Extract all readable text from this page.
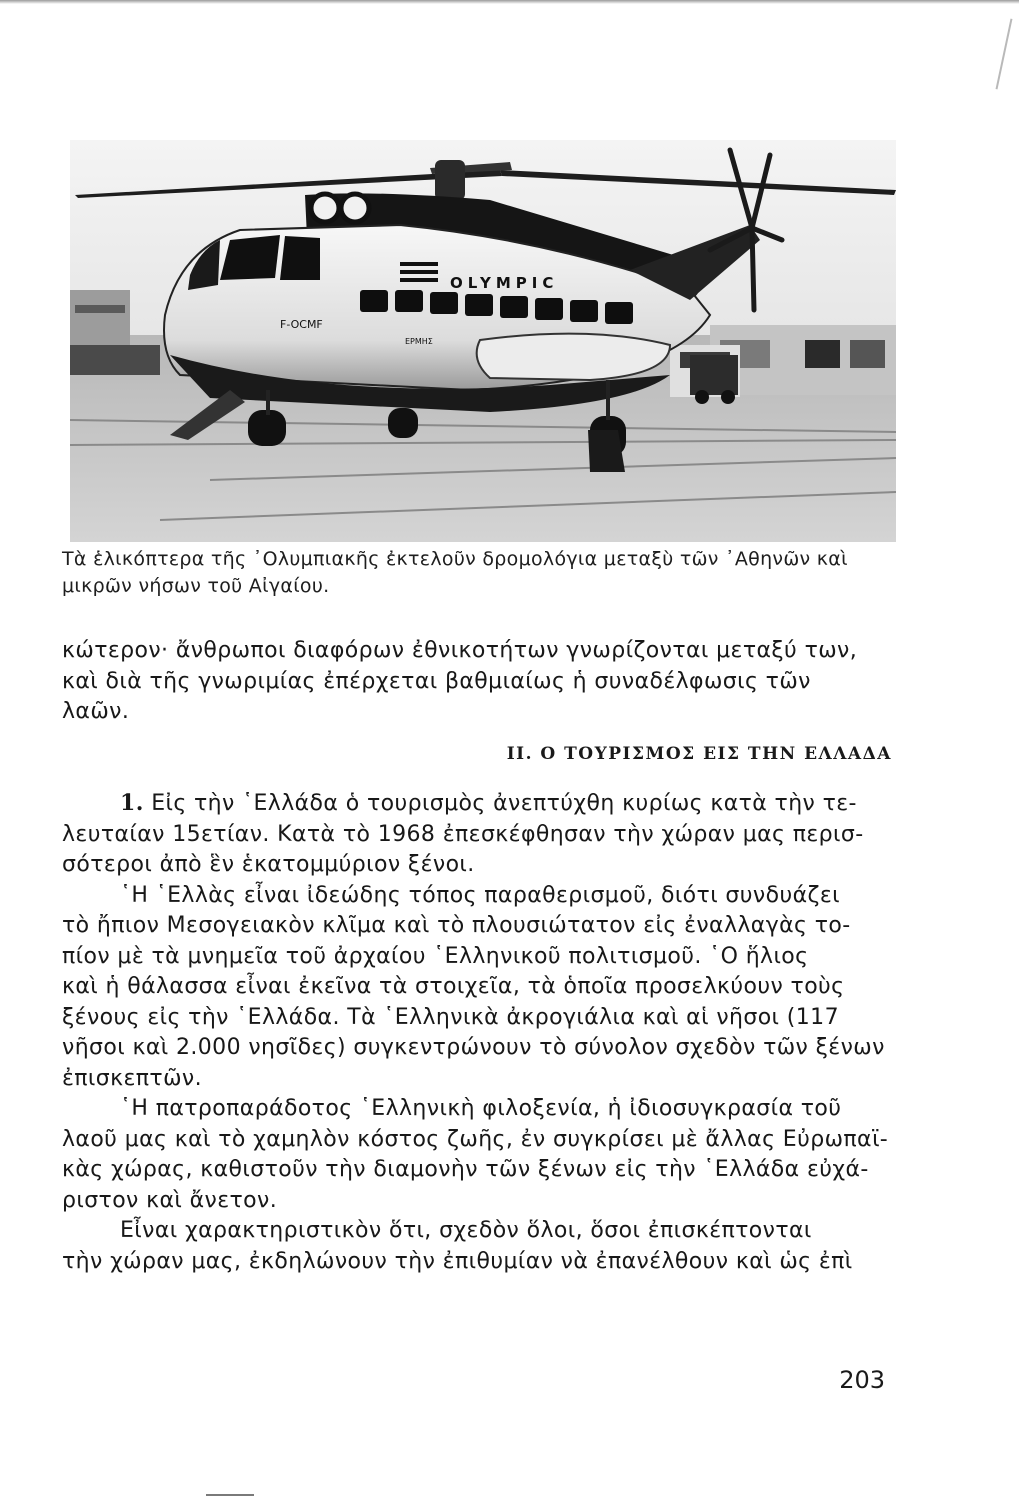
OLYMPIC
F-OCMF
ΕΡΜΗΣ
Τὰ ἑλικόπτερα τῆς ᾿Ολυμπιακῆς ἐκτελοῦν δρομολόγια μεταξὺ τῶν ᾿Αθηνῶν καὶ
μικρῶν νήσων τοῦ Αἰγαίου.
κώτερον· ἄνθρωποι διαφόρων ἐθνικοτήτων γνωρίζονται μεταξύ των,
καὶ διὰ τῆς γνωριμίας ἐπέρχεται βαθμιαίως ἡ συναδέλφωσις τῶν
λαῶν.
II. Ο ΤΟΥΡΙΣΜΟΣ ΕΙΣ ΤΗΝ ΕΛΛΑΔΑ

1. Εἰς τὴν ῾Ελλάδα ὁ τουρισμὸς ἀνεπτύχθη κυρίως κατὰ τὴν τε-
λευταίαν 15ετίαν. Κατὰ τὸ 1968 ἐπεσκέφθησαν τὴν χώραν μας περισ-
σότεροι ἀπὸ ἓν ἑκατομμύριον ξένοι.

῾Η ῾Ελλὰς εἶναι ἰδεώδης τόπος παραθερισμοῦ, διότι συνδυάζει
τὸ ἤπιον Μεσογειακὸν κλῖμα καὶ τὸ πλουσιώτατον εἰς ἐναλλαγὰς το-
πίον μὲ τὰ μνημεῖα τοῦ ἀρχαίου ῾Ελληνικοῦ πολιτισμοῦ. ῾Ο ἥλιος
καὶ ἡ θάλασσα εἶναι ἐκεῖνα τὰ στοιχεῖα, τὰ ὁποῖα προσελκύουν τοὺς
ξένους εἰς τὴν ῾Ελλάδα. Τὰ ῾Ελληνικὰ ἀκρογιάλια καὶ αἱ νῆσοι (117
νῆσοι καὶ 2.000 νησῖδες) συγκεντρώνουν τὸ σύνολον σχεδὸν τῶν ξένων
ἐπισκεπτῶν.

῾Η πατροπαράδοτος ῾Ελληνικὴ φιλοξενία, ἡ ἰδιοσυγκρασία τοῦ
λαοῦ μας καὶ τὸ χαμηλὸν κόστος ζωῆς, ἐν συγκρίσει μὲ ἄλλας Εὐρωπαϊ-
κὰς χώρας, καθιστοῦν τὴν διαμονὴν τῶν ξένων εἰς τὴν ῾Ελλάδα εὐχά-
ριστον καὶ ἄνετον.

Εἶναι χαρακτηριστικὸν ὅτι, σχεδὸν ὅλοι, ὅσοι ἐπισκέπτονται
τὴν χώραν μας, ἐκδηλώνουν τὴν ἐπιθυμίαν νὰ ἐπανέλθουν καὶ ὡς ἐπὶ

203
